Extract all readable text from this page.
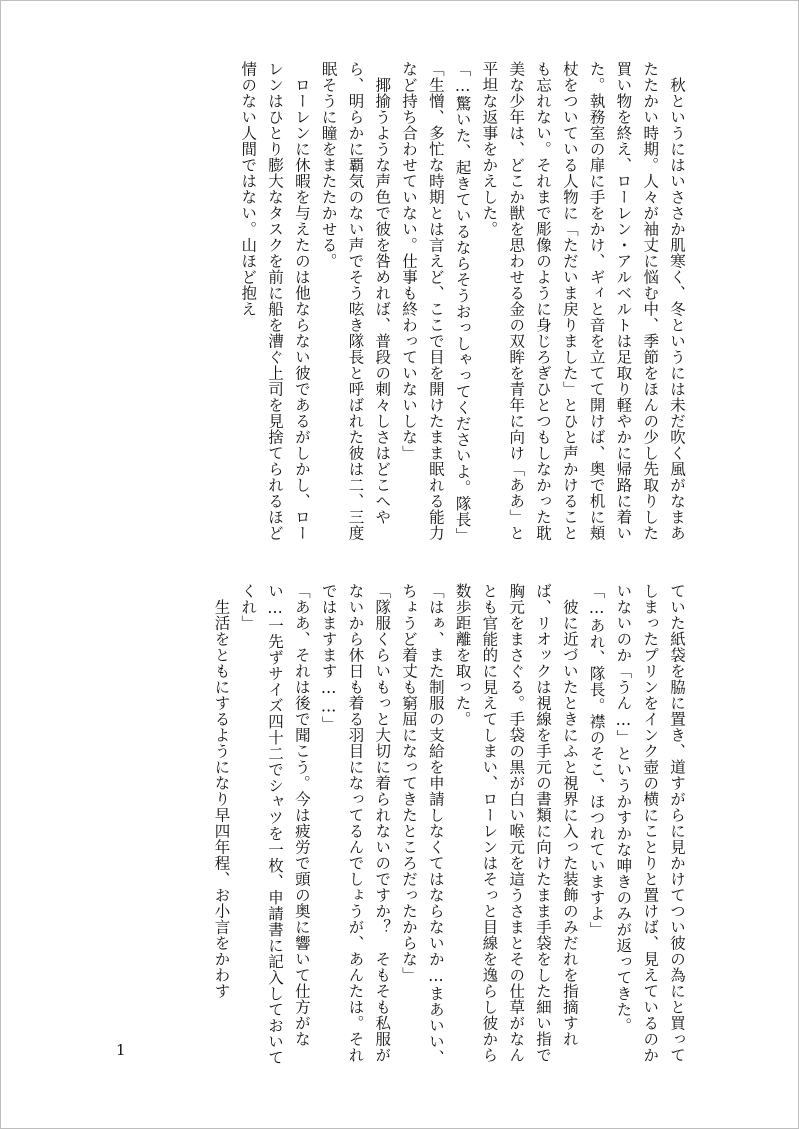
　秋というにはいささか肌寒く、冬というには未だ吹く風がなまあたたかい時期。人々が袖丈に悩む中、季節をほんの少し先取りした買い物を終え、ローレン・アルベルトは足取り軽やかに帰路に着いた。執務室の扉に手をかけ、ギィと音を立てて開けば、奥で机に頬杖をついている人物に「ただいま戻りました」とひと声かけることも忘れない。それまで彫像のように身じろぎひとつもしなかった耽美な少年は、どこか獣を思わせる金の双眸を青年に向け「ああ」と平坦な返事をかえした。

「…驚いた、起きているならそうおっしゃってくださいよ。隊長」

「生憎、多忙な時期とは言えど、ここで目を開けたまま眠れる能力など持ち合わせていない。仕事も終わっていないしな」

　揶揄うような声色で彼を咎めれば、普段の刺々しさはどこへやら、明らかに覇気のない声でそう呟き隊長と呼ばれた彼は二、三度眠そうに瞳をまたたかせる。

　ローレンに休暇を与えたのは他ならない彼であるがしかし、ローレンはひとり膨大なタスクを前に船を漕ぐ上司を見捨てられるほど情のない人間ではない。山ほど抱え

ていた紙袋を脇に置き、道すがらに見かけてつい彼の為にと買ってしまったプリンをインク壺の横にことりと置けば、見えているのかいないのか「うん…」というかすかな呻きのみが返ってきた。

「…あれ、隊長。襟のそこ、ほつれていますよ」

　彼に近づいたときにふと視界に入った装飾のみだれを指摘すれば、リオックは視線を手元の書類に向けたまま手袋をした細い指で胸元をまさぐる。手袋の黒が白い喉元を這うさまとその仕草がなんとも官能的に見えてしまい、ローレンはそっと目線を逸らし彼から数歩距離を取った。

「はぁ、また制服の支給を申請しなくてはならないか…まあいい、ちょうど着丈も窮屈になってきたところだったからな」

「隊服くらいもっと大切に着られないのですか？　そもそも私服がないから休日も着る羽目になってるんでしょうが、あんたは。それではますます……」

「ああ、それは後で聞こう。今は疲労で頭の奥に響いて仕方がない…一先ずサイズ四十二でシャツを一枚、申請書に記入しておいてくれ」

　生活をともにするようになり早四年程、お小言をかわす

1
